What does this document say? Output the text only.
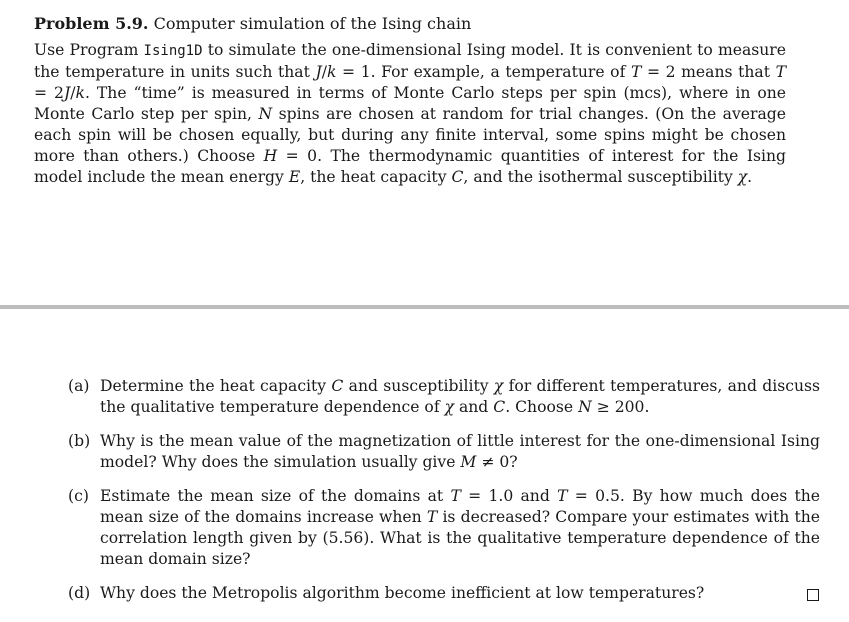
Problem 5.9. Computer simulation of the Ising chain

Use Program Ising1D to simulate the one-dimensional Ising model. It is convenient to measure the temperature in units such that J/k = 1. For example, a temperature of T = 2 means that T = 2J/k. The “time” is measured in terms of Monte Carlo steps per spin (mcs), where in one Monte Carlo step per spin, N spins are chosen at random for trial changes. (On the average each spin will be chosen equally, but during any finite interval, some spins might be chosen more than others.) Choose H = 0. The thermodynamic quantities of interest for the Ising model include the mean energy E, the heat capacity C, and the isothermal susceptibility χ.

(a) Determine the heat capacity C and susceptibility χ for different temperatures, and discuss the qualitative temperature dependence of χ and C. Choose N ≥ 200.
(b) Why is the mean value of the magnetization of little interest for the one-dimensional Ising model? Why does the simulation usually give M ≠ 0?
(c) Estimate the mean size of the domains at T = 1.0 and T = 0.5. By how much does the mean size of the domains increase when T is decreased? Compare your estimates with the correlation length given by (5.56). What is the qualitative temperature dependence of the mean domain size?
(d) Why does the Metropolis algorithm become inefficient at low temperatures?
